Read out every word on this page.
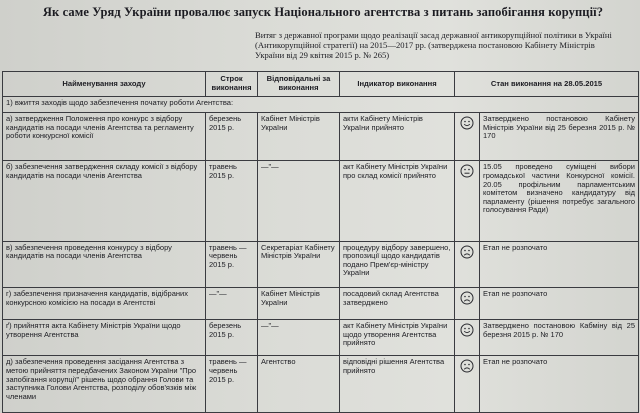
Як саме Уряд України провалює запуск Національного агентства з питань запобігання корупції?
Витяг з державної програми щодо реалізації засад державної антикорупційної політики в Україні (Антикорупційної стратегії) на 2015—2017 рр. (затверджена постановою Кабінету Міністрів України від 29 квітня 2015 р. № 265)
Найменування заходу	Строк виконання	Відповідальні за виконання	Індикатор виконання	Стан виконання на 28.05.2015	
1) вжиття заходів щодо забезпечення початку роботи Агентства:					
а) затвердження Положення про конкурс з відбору кандидатів на посади членів Агентства та регламенту роботи конкурсної комісії	березень 2015 р.	Кабінет Міністрів України	акти Кабінету Міністрів України прийнято		Затверджено постановою Кабінету Міністрів України від 25 березня 2015 р. № 170
б) забезпечення затвердження складу комісії з відбору кандидатів на посади членів Агентства	травень 2015 р.	—"—	акт Кабінету Міністрів України про склад комісії прийнято		15.05 проведено суміщені вибори громадської частини Конкурсної комісії. 20.05 профільним парламентським комітетом визначено кандидатуру від парламенту (рішення потребує загального голосування Ради)
в) забезпечення проведення конкурсу з відбору кандидатів на посади членів Агентства	травень — червень 2015 р.	Секретаріат Кабінету Міністрів України	процедуру відбору завершено, пропозиції щодо кандидатів подано Прем'єр-міністру України		Етап не розпочато
г) забезпечення призначення кандидатів, відібраних конкурсною комісією на посади в Агентстві	—"—	Кабінет Міністрів України	посадовий склад Агентства затверджено		Етап не розпочато
ґ) прийняття акта Кабінету Міністрів України щодо утворення Агентства	березень 2015 р.	—"—	акт Кабінету Міністрів України щодо утворення Агентства прийнято		Затверджено постановою Кабміну від 25 березня 2015 р. № 170
д) забезпечення проведення засідання Агентства з метою прийняття передбачених Законом України "Про запобігання корупції" рішень щодо обрання Голови та заступника Голови Агентства, розподілу обов'язків між членами	травень — червень 2015 р.	Агентство	відповідні рішення Агентства прийнято		Етап не розпочато
